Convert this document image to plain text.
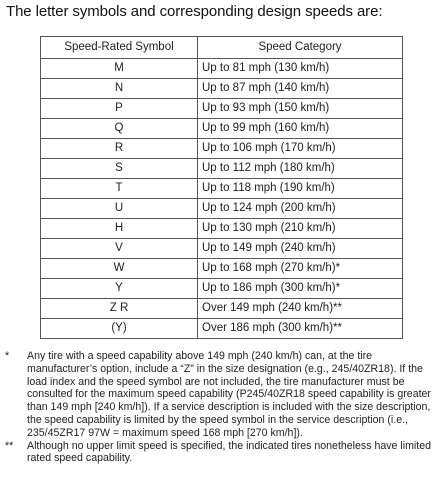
The letter symbols and corresponding design speeds are:
Speed-Rated Symbol	Speed Category
M	Up to 81 mph (130 km/h)
N	Up to 87 mph (140 km/h)
P	Up to 93 mph (150 km/h)
Q	Up to 99 mph (160 km/h)
R	Up to 106 mph (170 km/h)
S	Up to 112 mph (180 km/h)
T	Up to 118 mph (190 km/h)
U	Up to 124 mph (200 km/h)
H	Up to 130 mph (210 km/h)
V	Up to 149 mph (240 km/h)
W	Up to 168 mph (270 km/h)*
Y	Up to 186 mph (300 km/h)*
Z R	Over 149 mph (240 km/h)**
(Y)	Over 186 mph (300 km/h)**
*	Any tire with a speed capability above 149 mph (240 km/h) can, at the tire manufacturer’s option, include a “Z” in the size designation (e.g., 245/40ZR18). If the load index and the speed symbol are not included, the tire manufacturer must be consulted for the maximum speed capability (P245/40ZR18 speed capability is greater than 149 mph [240 km/h]). If a service description is included with the size description, the speed capability is limited by the speed symbol in the service description (i.e., 235/45ZR17 97W = maximum speed 168 mph [270 km/h]).
**	Although no upper limit speed is specified, the indicated tires nonetheless have limited rated speed capability.
